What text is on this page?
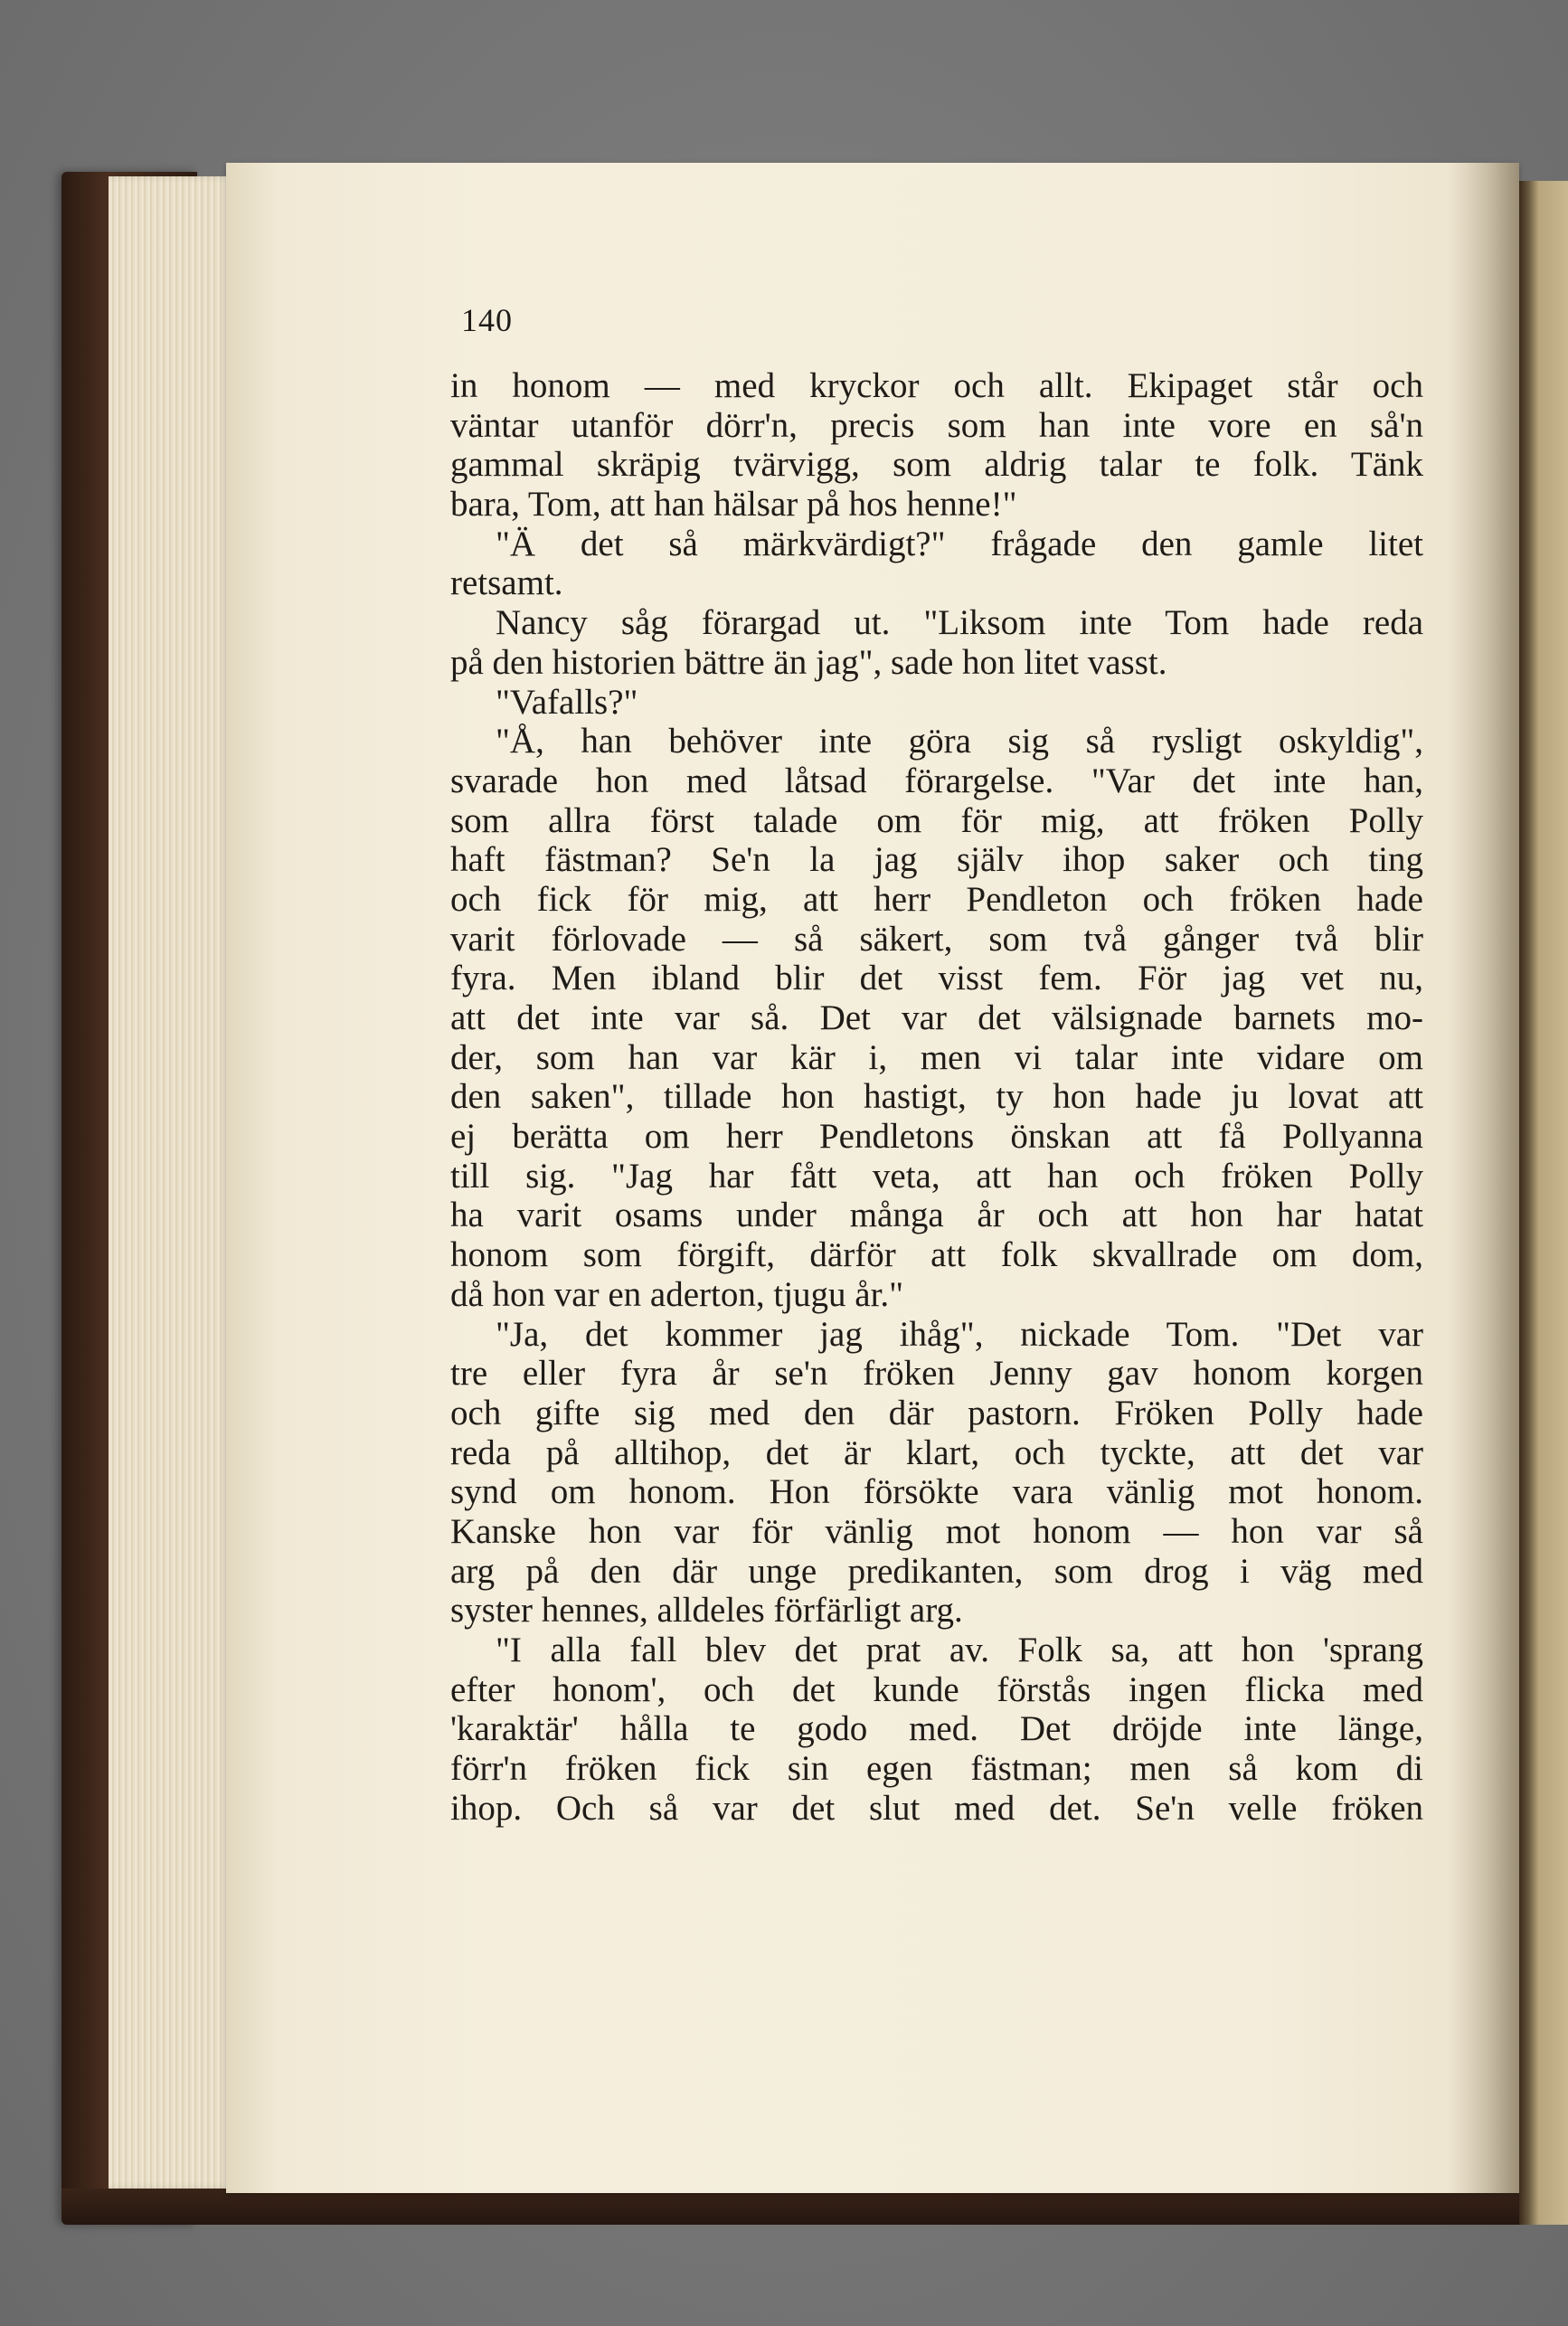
140
in honom — med kryckor och allt. Ekipaget står och
väntar utanför dörr'n, precis som han inte vore en så'n
gammal skräpig tvärvigg, som aldrig talar te folk. Tänk
bara, Tom, att han hälsar på hos henne!"
"Ä det så märkvärdigt?" frågade den gamle litet
retsamt.
Nancy såg förargad ut. "Liksom inte Tom hade reda
på den historien bättre än jag", sade hon litet vasst.
"Vafalls?"
"Å, han behöver inte göra sig så rysligt oskyldig",
svarade hon med låtsad förargelse. "Var det inte han,
som allra först talade om för mig, att fröken Polly
haft fästman? Se'n la jag själv ihop saker och ting
och fick för mig, att herr Pendleton och fröken hade
varit förlovade — så säkert, som två gånger två blir
fyra. Men ibland blir det visst fem. För jag vet nu,
att det inte var så. Det var det välsignade barnets mo-
der, som han var kär i, men vi talar inte vidare om
den saken", tillade hon hastigt, ty hon hade ju lovat att
ej berätta om herr Pendletons önskan att få Pollyanna
till sig. "Jag har fått veta, att han och fröken Polly
ha varit osams under många år och att hon har hatat
honom som förgift, därför att folk skvallrade om dom,
då hon var en aderton, tjugu år."
"Ja, det kommer jag ihåg", nickade Tom. "Det var
tre eller fyra år se'n fröken Jenny gav honom korgen
och gifte sig med den där pastorn. Fröken Polly hade
reda på alltihop, det är klart, och tyckte, att det var
synd om honom. Hon försökte vara vänlig mot honom.
Kanske hon var för vänlig mot honom — hon var så
arg på den där unge predikanten, som drog i väg med
syster hennes, alldeles förfärligt arg.
"I alla fall blev det prat av. Folk sa, att hon 'sprang
efter honom', och det kunde förstås ingen flicka med
'karaktär' hålla te godo med. Det dröjde inte länge,
förr'n fröken fick sin egen fästman; men så kom di
ihop. Och så var det slut med det. Se'n velle fröken
